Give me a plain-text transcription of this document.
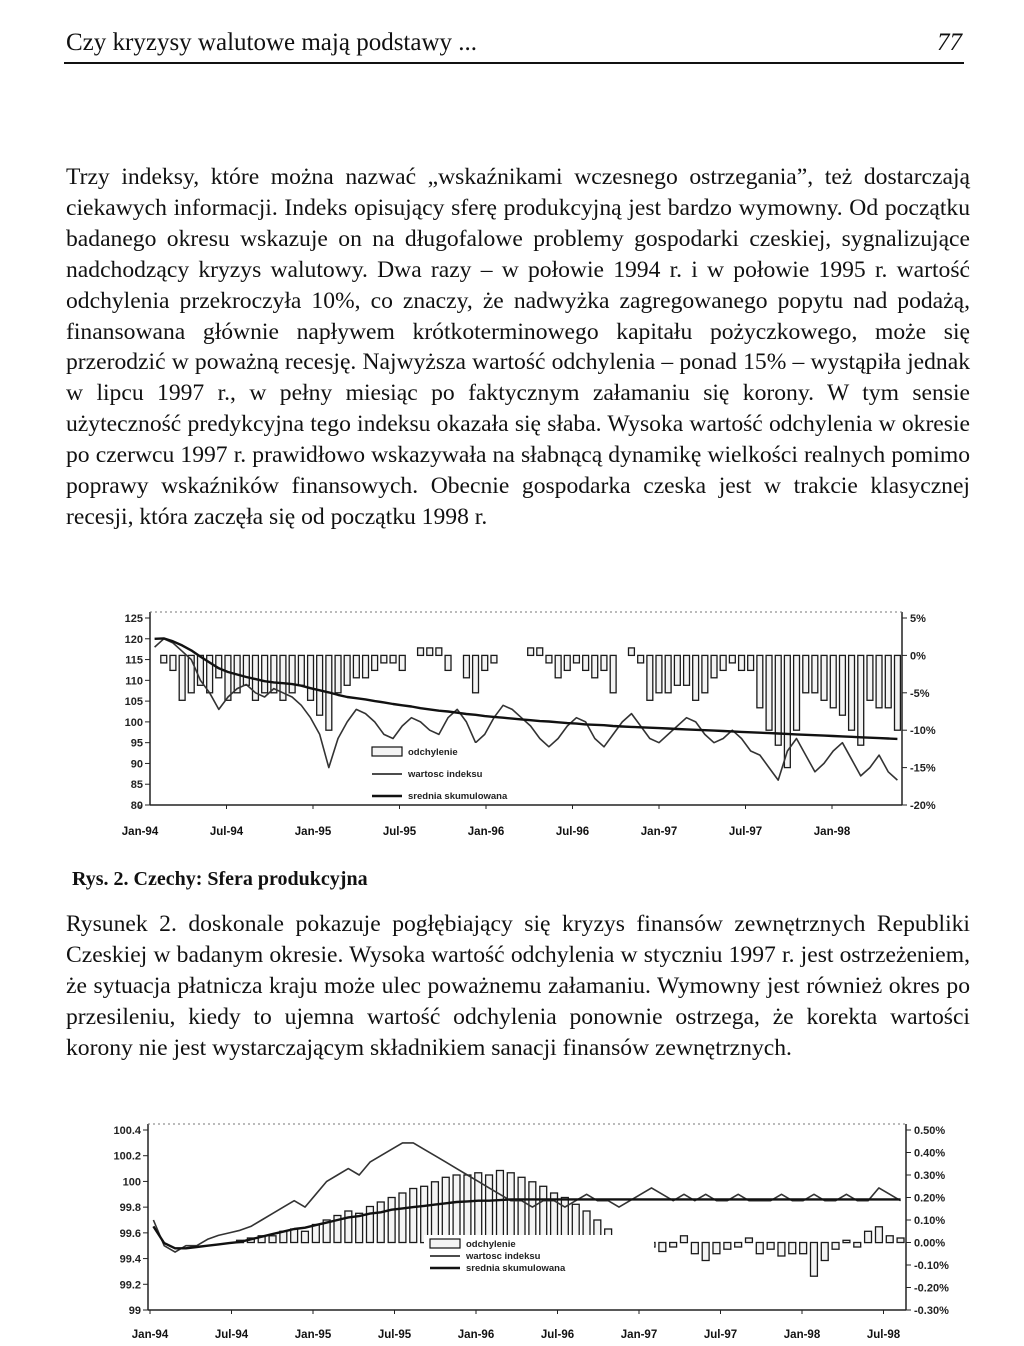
Czy kryzysy walutowe mają podstawy ...	77

Trzy indeksy, które można nazwać „wskaźnikami wczesnego ostrzegania”, też dostarczają ciekawych informacji. Indeks opisujący sferę produkcyjną jest bardzo wymowny. Od początku badanego okresu wskazuje on na długofalowe problemy gospodarki czeskiej, sygnalizujące nadchodzący kryzys walutowy. Dwa razy – w połowie 1994 r. i w połowie 1995 r. wartość odchylenia przekroczyła 10%, co znaczy, że nadwyżka zagregowanego popytu nad podażą, finansowana głównie napływem krótkoterminowego kapitału pożyczkowego, może się przerodzić w poważną recesję. Najwyższa wartość odchylenia – ponad 15% – wystąpiła jednak w lipcu 1997 r., w pełny miesiąc po faktycznym załamaniu się korony. W tym sensie użyteczność predykcyjna tego indeksu okazała się słaba. Wysoka wartość odchylenia w okresie po czerwcu 1997 r. prawidłowo wskazywała na słabnącą dynamikę wielkości realnych pomimo poprawy wskaźników finansowych. Obecnie gospodarka czeska jest w trakcie klasycznej recesji, która zaczęła się od początku 1998 r.

125
120
115
110
105
100
95
90
85
80
5%
0%
-5%
-10%
-15%
-20%
Jan-94	Jul-94	Jan-95	Jul-95	Jan-96	Jul-96	Jan-97	Jul-97	Jan-98
odchylenie
wartosc indeksu
srednia skumulowana
Rys. 2. Czechy: Sfera produkcyjna

Rysunek 2. doskonale pokazuje pogłębiający się kryzys finansów zewnętrznych Republiki Czeskiej w badanym okresie. Wysoka wartość odchylenia w styczniu 1997 r. jest ostrzeżeniem, że sytuacja płatnicza kraju może ulec poważnemu załamaniu. Wymowny jest również okres po przesileniu, kiedy to ujemna wartość odchylenia ponownie ostrzega, że korekta wartości korony nie jest wystarczającym składnikiem sanacji finansów zewnętrznych.

100.4
100.2
100
99.8
99.6
99.4
99.2
99
0.50%
0.40%
0.30%
0.20%
0.10%
0.00%
-0.10%
-0.20%
-0.30%
Jan-94	Jul-94	Jan-95	Jul-95	Jan-96	Jul-96	Jan-97	Jul-97	Jan-98	Jul-98
odchylenie
wartosc indeksu
srednia skumulowana
